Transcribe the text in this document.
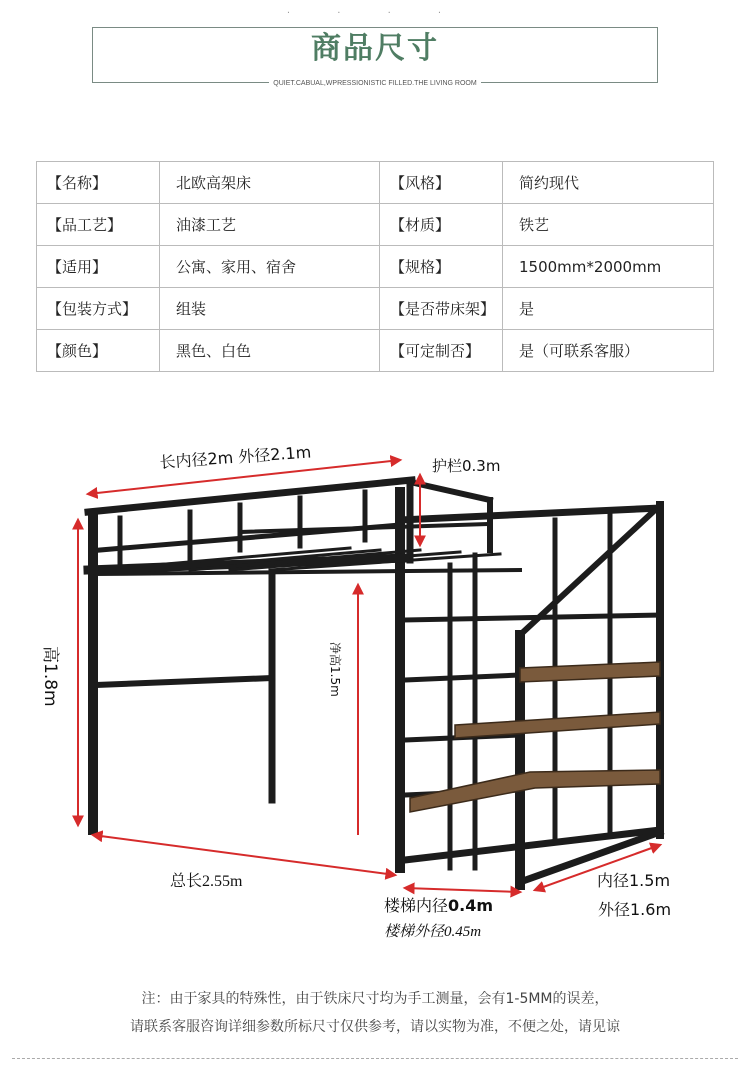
· · · ·
商品尺寸
QUIET.CABUAL,WPRESSIONISTIC FILLED.THE LIVING ROOM
【名称】	北欧高架床	【风格】	简约现代
【品工艺】	油漆工艺	【材质】	铁艺
【适用】	公寓、家用、宿舍	【规格】	1500mm*2000mm
【包装方式】	组装	【是否带床架】	是
【颜色】	黑色、白色	【可定制否】	是（可联系客服）
长内径2m 外径2.1m	护栏0.3m
高1.8m	净高1.5m
总长2.55m
楼梯内径0.4m
楼梯外径0.45m
内径1.5m
外径1.6m
注：由于家具的特殊性，由于铁床尺寸均为手工测量，会有1-5MM的误差，
请联系客服咨询详细参数所标尺寸仅供参考，请以实物为准，不便之处，请见谅
